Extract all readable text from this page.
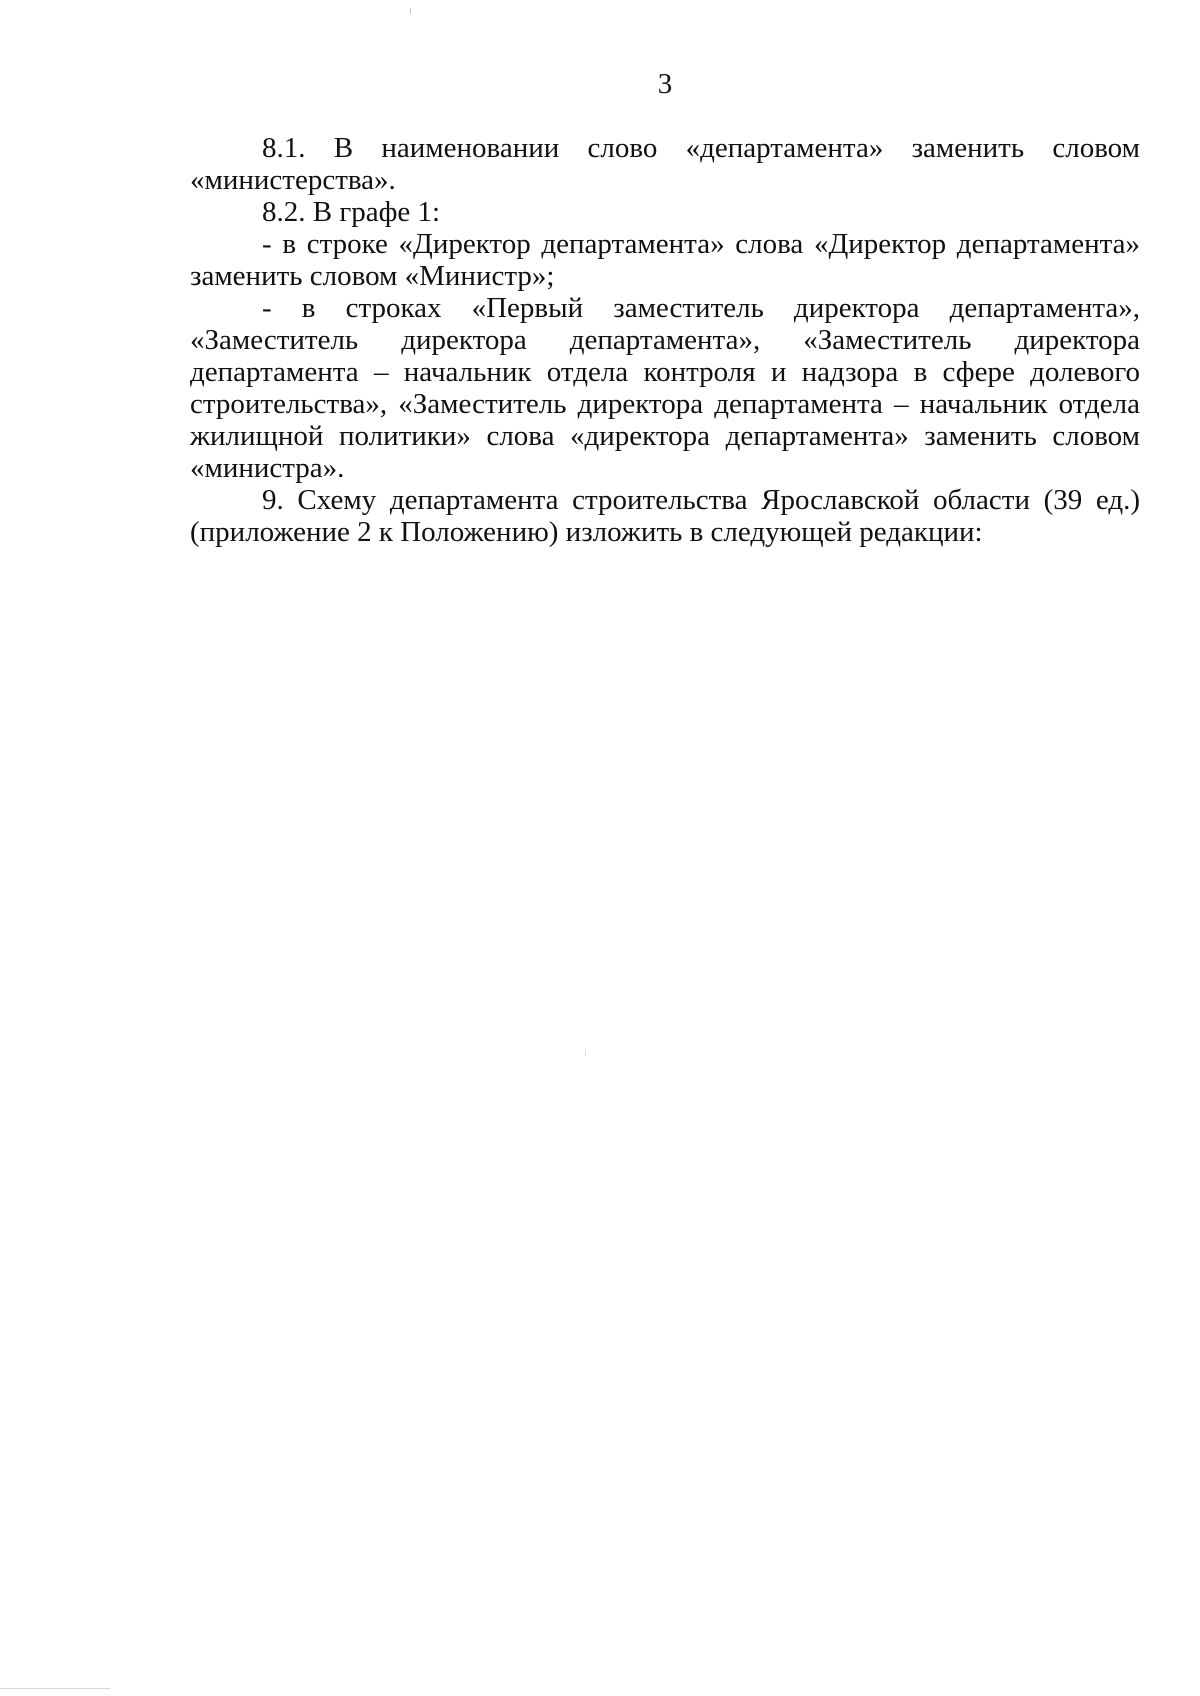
3
8.1. В наименовании слово «департамента» заменить словом
«министерства».
8.2. В графе 1:
- в строке «Директор департамента» слова «Директор департамента»
заменить словом «Министр»;
- в строках «Первый заместитель директора департамента»,
«Заместитель директора департамента», «Заместитель директора
департамента – начальник отдела контроля и надзора в сфере долевого
строительства», «Заместитель директора департамента – начальник отдела
жилищной политики» слова «директора департамента» заменить словом
«министра».
9. Схему департамента строительства Ярославской области (39 ед.)
(приложение 2 к Положению) изложить в следующей редакции:
